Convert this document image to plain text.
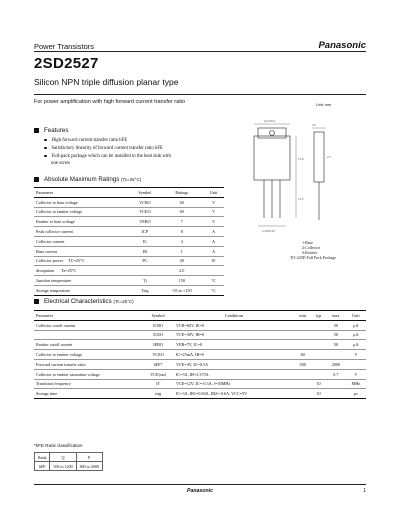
Power Transistors	Panasonic
2SD2527
Silicon NPN triple diffusion planar type
For power amplification with high forward current transfer ratio	Unit: mm
Features
High forward current transfer ratio hFE
Satisfactory linearity of forward current transfer ratio hFE
Full-pack package which can be installed to the heat sink with
one screw
10.0±0.2
15.0
13.5
4.5
2.7
2.54±0.25
1:Base
2:Collector
3:Emitter
TO-220D Full Pack Package
Absolute Maximum Ratings (Tc=25°C)
Parameter	Symbol	Ratings	Unit
Collector to base voltage	VCBO	60	V
Collector to emitter voltage	VCEO	60	V
Emitter to base voltage	VEBO	7	V
Peak collector current	ICP	8	A
Collector current	IC	4	A
Base current	IB	1	A
Collector power TC=25°C	PC	40	W
dissipation Ta=25°C		2.0	
Junction temperature	Tj	150	°C
Storage temperature	Tstg	-55 to +150	°C
Electrical Characteristics (Tc=25°C)
Parameter	Symbol	Conditions	min	typ	max	Unit
Collector cutoff current	ICBO	VCB=60V, IE=0			50	μA
	ICEO	VCE=30V, IB=0			50	μA
Emitter cutoff current	IEBO	VEB=7V, IC=0			50	μA
Collector to emitter voltage	VCEO	IC=25mA, IB=0	60			V
Forward current transfer ratio	hFE*	VCE=4V, IC=0.5A	500		2000	
Collector to emitter saturation voltage	VCE(sat)	IC=3A, IB=2.375A			0.7	V
Transition frequency	fT	VCE=12V, IC=-0.3A, f=30MHz		10		MHz
Storage time	tstg	IC=3A, IB1=0.84A, IB2=-0.6A, VCC=5V		10		μs
*hFE Rank classification
Rank	Q	P
hFE	500 to 1200	800 to 2000
Panasonic	1
